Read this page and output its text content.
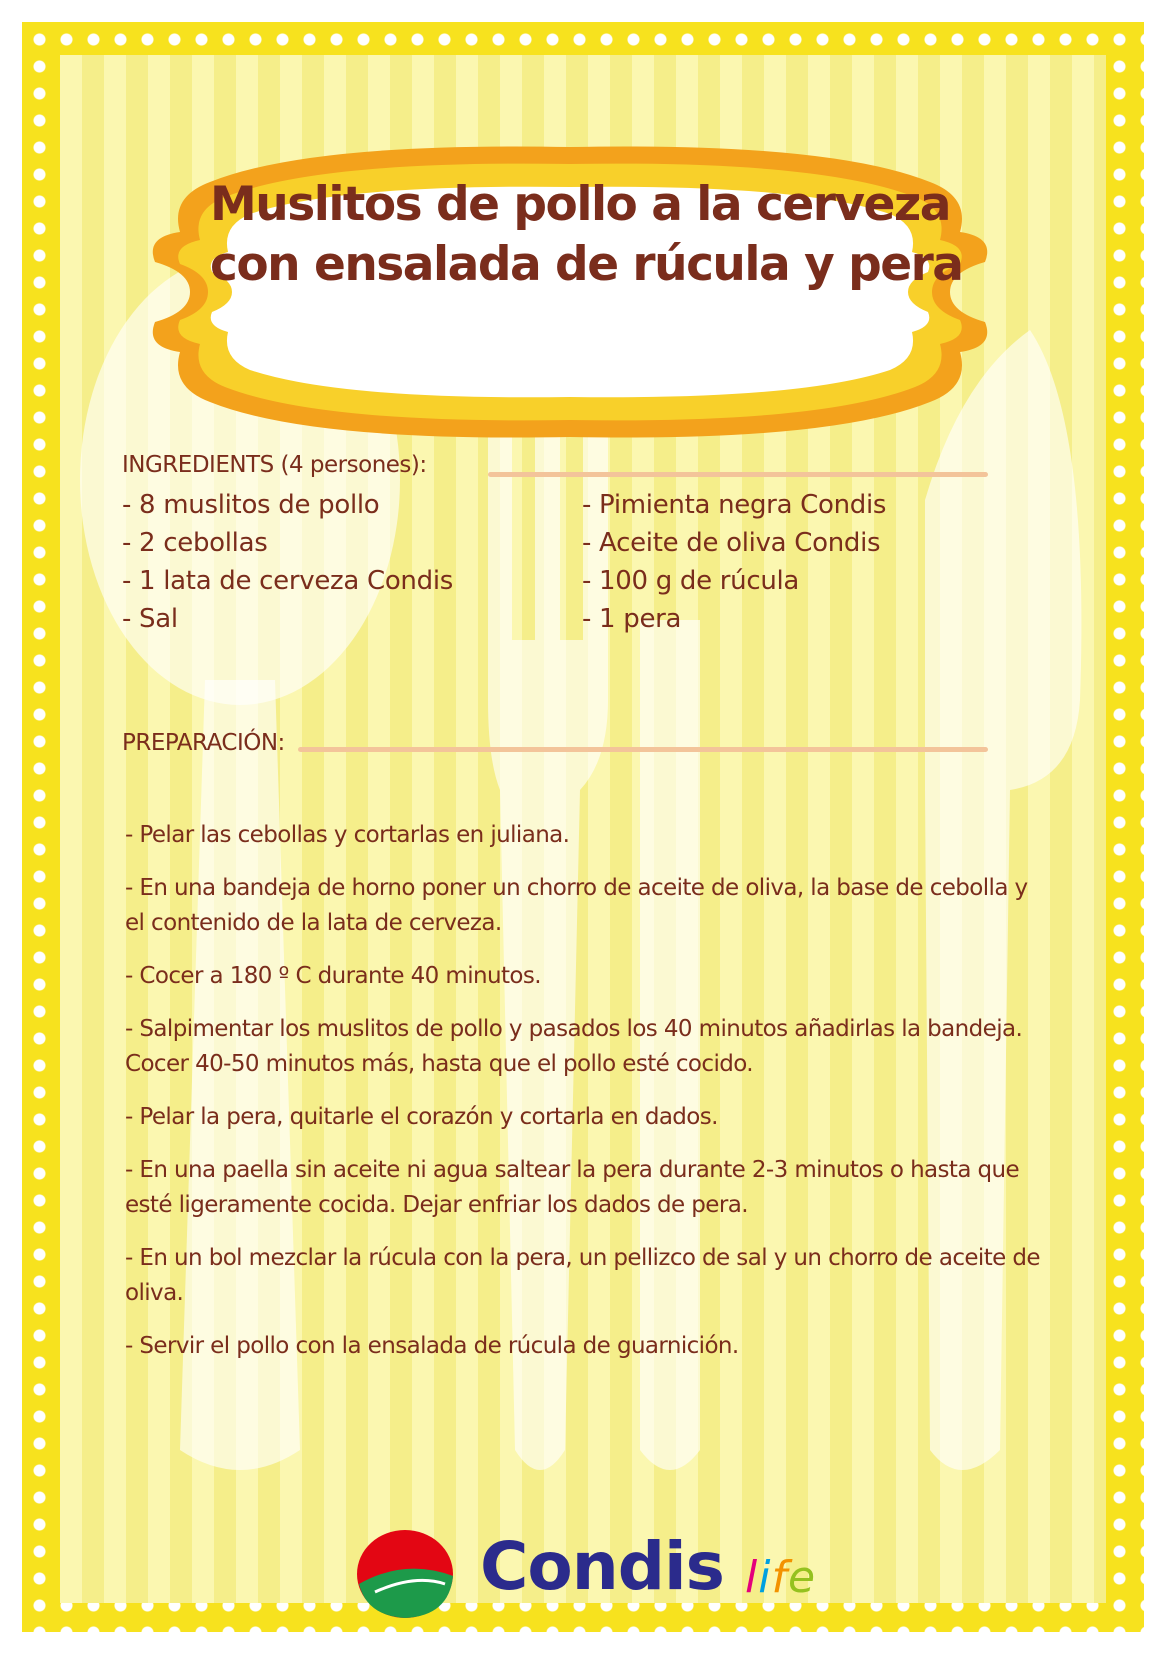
Muslitos de pollo a la cerveza
con ensalada de rúcula y pera
INGREDIENTS (4 persones):
- 8 muslitos de pollo
- 2 cebollas
- 1 lata de cerveza Condis
- Sal
- Pimienta negra Condis
- Aceite de oliva Condis
- 100 g de rúcula
- 1 pera
PREPARACIÓN:

- Pelar las cebollas y cortarlas en juliana.

- En una bandeja de horno poner un chorro de aceite de oliva, la base de cebolla y el contenido de la lata de cerveza.

- Cocer a 180 º C durante 40 minutos.

- Salpimentar los muslitos de pollo y pasados los 40 minutos añadirlas la bandeja. Cocer 40-50 minutos más, hasta que el pollo esté cocido.

- Pelar la pera, quitarle el corazón y cortarla en dados.

- En una paella sin aceite ni agua saltear la pera durante 2-3 minutos o hasta que esté ligeramente cocida. Dejar enfriar los dados de pera.

- En un bol mezclar la rúcula con la pera, un pellizco de sal y un chorro de aceite de oliva.

- Servir el pollo con la ensalada de rúcula de guarnición.

Condis life
